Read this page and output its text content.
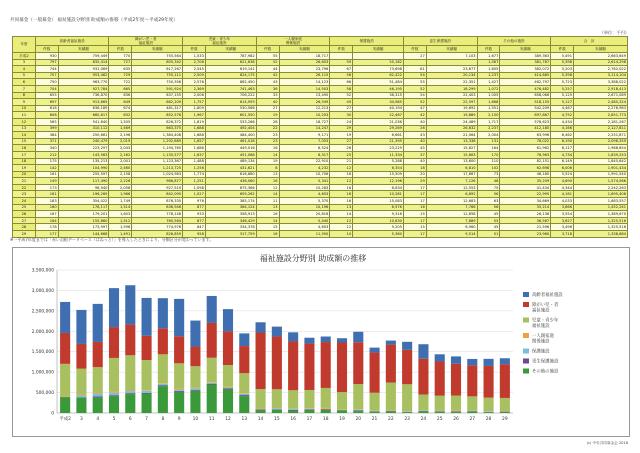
共同募金（一般募金） 福祉施設分野別 助成額の推移（平成2年度～平成29年度）
（単位：千円）
年度	高齢者福祉施設		障がい児・者
福祉施設		児童・青少年
福祉施設		一人親家庭
関係施設		保護施設		更生保護施設		その他の施設		合　計	
	件数	実績額	件数	実績額	件数	実績額	件数	実績額	件数	実績額	件数	実績額	件数	実績額	件数	実績額
平成2	930	759,449	770	755,564	1,533	787,982	55	18,717			27	7,103	1,677	389,363	5,491	2,663,649
3	797	832,414	727	605,342	2,706	621,638	52	26,603	59	55,162			1,567	381,787	5,398	2,614,296
4	744	931,069	635	617,267	2,545	619,141	44	23,796	67	73,698	61	23,677	1,605	382,072	5,203	2,762,022
5	707	953,462	729	755,111	2,509	824,175	42	26,115	56	62,422	54	20,134	1,237	414,685	5,398	3,114,104
6	750	963,770	722	750,356	2,576	862,450	43	14,123	66	51,484	55	22,351	1,427	462,797	5,723	3,388,022
7	704	927,784	665	591,924	2,369	741,463	36	14,503	58	46,195	52	18,299	1,072	476,482	5,257	2,918,413
8	655	736,870	636	637,155	2,006	706,222	33	13,490	52	36,315	54	22,403	1,005	658,066	5,125	2,671,089
9	697	913,665	649	662,209	1,757	614,959	40	26,549	49	34,985	52	22,597	1,668	518,155	5,127	2,485,324
10	616	636,189	674	481,317	1,809	530,566	27	12,213	27	40,194	47	19,692	1,551	542,209	4,467	2,276,983
11	608	660,617	632	852,578	1,967	601,550	19	10,203	30	22,467	42	19,889	2,150	697,867	4,752	2,851,773
12	565	541,640	1,505	826,372	1,819	533,266	28	18,727	24	21,036	40	24,489	1,717	576,623	4,434	2,181,267
13	399	310,112	1,469	663,375	1,688	492,404	22	14,247	29	29,269	26	26,632	2,237	412,180	4,166	2,127,811
14	384	250,661	2,196	1,384,408	1,688	484,400	23	9,171	19	6,661	43	21,064	2,004	63,996	6,462	2,251,871
15	371	240,479	2,019	1,292,889	1,657	461,018	23	7,053	27	21,395	40	13,338	131	78,022	6,190	2,098,359
16	340	223,297	2,043	1,194,765	1,686	449,016	16	6,524	26	23,229	45	15,827	164	61,962	6,117	1,966,654
17	212	143,563	2,162	1,135,577	1,637	451,068	14	8,317	25	11,334	37	15,863	170	76,963	4,734	1,839,253
18	175	135,213	2,001	1,123,367	1,488	489,134	19	22,910	21	5,288	40	13,600	110	82,151	6,149	1,845,642
19	142	104,990	2,460	1,213,725	1,256	431,621	8	4,232	12	6,354	18	6,810	102	62,698	6,006	1,901,434
20	161	255,597	2,158	1,024,983	1,774	616,680	13	10,706	16	15,509	20	17,867	73	46,180	5,524	1,991,540
21	149	117,490	2,226	986,877	1,251	436,060	16	5,341	12	12,196	29	7,126	48	35,209	4,690	1,574,566
22	173	98,940	2,058	927,519	1,098	675,366	12	10,283	16	6,634	17	12,553	75	41,434	4,344	2,242,263
23	161	196,269	1,966	842,095	1,027	659,262	14	4,603	16	10,281	17	6,892	56	22,995	4,161	1,695,406
24	183	354,022	1,749	876,335	976	385,174	11	5,370	16	15,083	17	12,683	63	34,669	4,033	1,683,557
25	160	176,117	1,514	836,946	877	364,124	13	10,196	13	6,576	16	7,766	56	35,214	3,866	1,452,241
26	167	179,201	1,603	778,148	933	358,913	16	20,816	14	9,316	15	12,858	45	26,136	3,554	1,389,670
27	164	155,860	1,512	760,564	877	346,429	14	5,440	12	10,630	17	7,889	55	36,567	3,627	1,325,516
28	178	173,997	1,596	774,976	847	334,378	15	4,603	12	9,205	15	6,960	45	21,596	3,496	1,325,516
29	177	144,668	1,491	826,859	958	317,759	16	11,950	10	5,360	17	9,514	51	23,960	3,718	1,338,684
※一平成7年度までは「赤い羽根データベース（はねっと）」を導入したときにより、分類区分が変わっています。
福祉施設分野別 助成額の推移
0
500,000
1,000,000
1,500,000
2,000,000
2,500,000
3,000,000
3,500,000
平成2 3	4	5	6	7	8	9	10 11 12 13 14 15 16 17 18 19 20 21 22 23 24 25 26 27 28 29
高齢者福祉施設
障がい児・者
福祉施設
児童・青少年
福祉施設
一人親家庭
関係施設
保護施設
更生保護施設
その他の施設
(c) 中央共同募金会 2018
